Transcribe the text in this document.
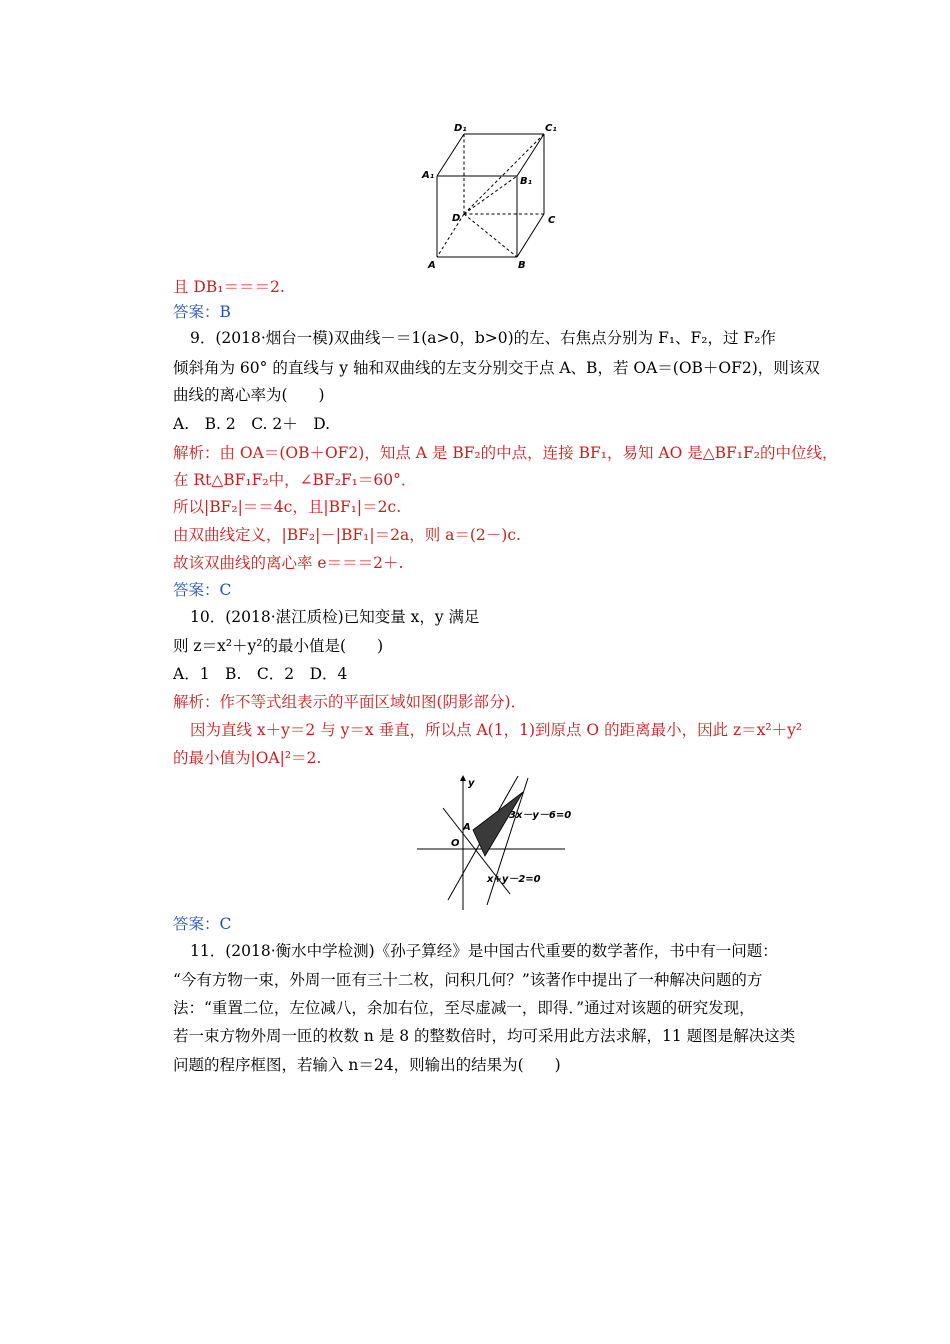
D₁	C₁
A₁
B₁
D	C
A	B
且 DB₁＝＝＝2.
答案：B
9．(2018·烟台一模)双曲线－＝1(a>0，b>0)的左、右焦点分别为 F₁、F₂，过 F₂作
倾斜角为 60° 的直线与 y 轴和双曲线的左支分别交于点 A、B，若 OA＝(OB＋OF2)，则该双
曲线的离心率为(　　)
A.　B. 2　C. 2＋　D.
解析：由 OA＝(OB＋OF2)，知点 A 是 BF₂的中点，连接 BF₁，易知 AO 是△BF₁F₂的中位线，
在 Rt△BF₁F₂中，∠BF₂F₁＝60°．
所以|BF₂|＝＝4c，且|BF₁|＝2c.
由双曲线定义，|BF₂|－|BF₁|＝2a，则 a＝(2－)c.
故该双曲线的离心率 e＝＝＝2＋.
答案：C
10．(2018·湛江质检)已知变量 x，y 满足
则 z＝x²＋y²的最小值是(　　)
A．1　B.　C．2　D．4
解析：作不等式组表示的平面区域如图(阴影部分)．
因为直线 x＋y＝2 与 y＝x 垂直，所以点 A(1，1)到原点 O 的距离最小，因此 z＝x²＋y²
的最小值为|OA|²＝2.
y
A
O
3x－y－6=0
x+y－2=0
答案：C
11．(2018·衡水中学检测)《孙子算经》是中国古代重要的数学著作，书中有一问题：
“今有方物一束，外周一匝有三十二枚，问积几何？”该著作中提出了一种解决问题的方
法：“重置二位，左位减八，余加右位，至尽虚减一，即得．”通过对该题的研究发现，
若一束方物外周一匝的枚数 n 是 8 的整数倍时，均可采用此方法求解，11 题图是解决这类
问题的程序框图，若输入 n＝24，则输出的结果为(　　)
